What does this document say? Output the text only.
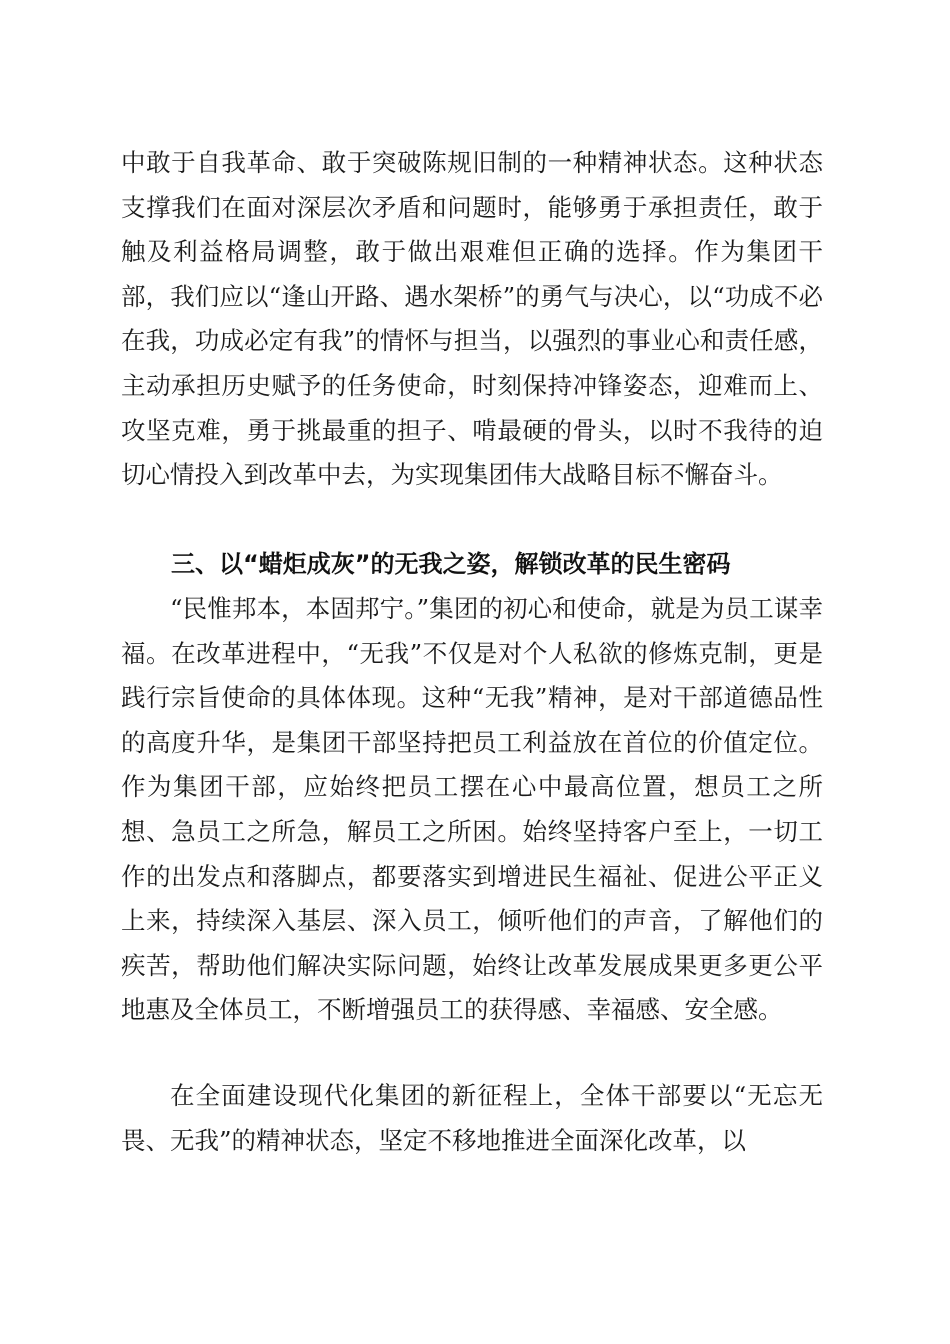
中敢于自我革命、敢于突破陈规旧制的一种精神状态。这种状态支撑我们在面对深层次矛盾和问题时，能够勇于承担责任，敢于触及利益格局调整，敢于做出艰难但正确的选择。作为集团干部，我们应以“逢山开路、遇水架桥”的勇气与决心，以“功成不必在我，功成必定有我”的情怀与担当，以强烈的事业心和责任感，主动承担历史赋予的任务使命，时刻保持冲锋姿态，迎难而上、攻坚克难，勇于挑最重的担子、啃最硬的骨头，以时不我待的迫切心情投入到改革中去，为实现集团伟大战略目标不懈奋斗。

三、以“蜡炬成灰”的无我之姿，解锁改革的民生密码

“民惟邦本，本固邦宁。”集团的初心和使命，就是为员工谋幸福。在改革进程中，“无我”不仅是对个人私欲的修炼克制，更是践行宗旨使命的具体体现。这种“无我”精神，是对干部道德品性的高度升华，是集团干部坚持把员工利益放在首位的价值定位。作为集团干部，应始终把员工摆在心中最高位置，想员工之所想、急员工之所急，解员工之所困。始终坚持客户至上，一切工作的出发点和落脚点，都要落实到增进民生福祉、促进公平正义上来，持续深入基层、深入员工，倾听他们的声音，了解他们的疾苦，帮助他们解决实际问题，始终让改革发展成果更多更公平地惠及全体员工，不断增强员工的获得感、幸福感、安全感。

在全面建设现代化集团的新征程上，全体干部要以“无忘无畏、无我”的精神状态，坚定不移地推进全面深化改革，以
